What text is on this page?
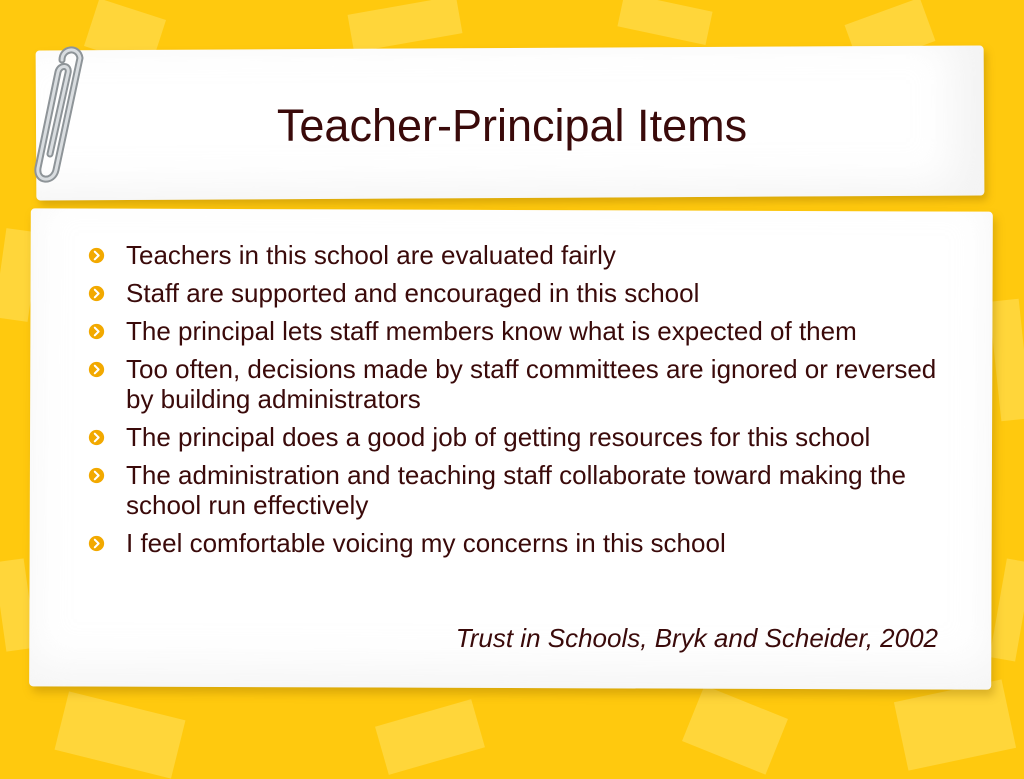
Teacher-Principal Items
Teachers in this school are evaluated fairly
Staff are supported and encouraged in this school
The principal lets staff members know what is expected of them
Too often, decisions made by staff committees are ignored or reversed by building administrators
The principal does a good job of getting resources for this school
The administration and teaching staff collaborate toward making the school run effectively
I feel comfortable voicing my concerns in this school
Trust in Schools, Bryk and Scheider, 2002
